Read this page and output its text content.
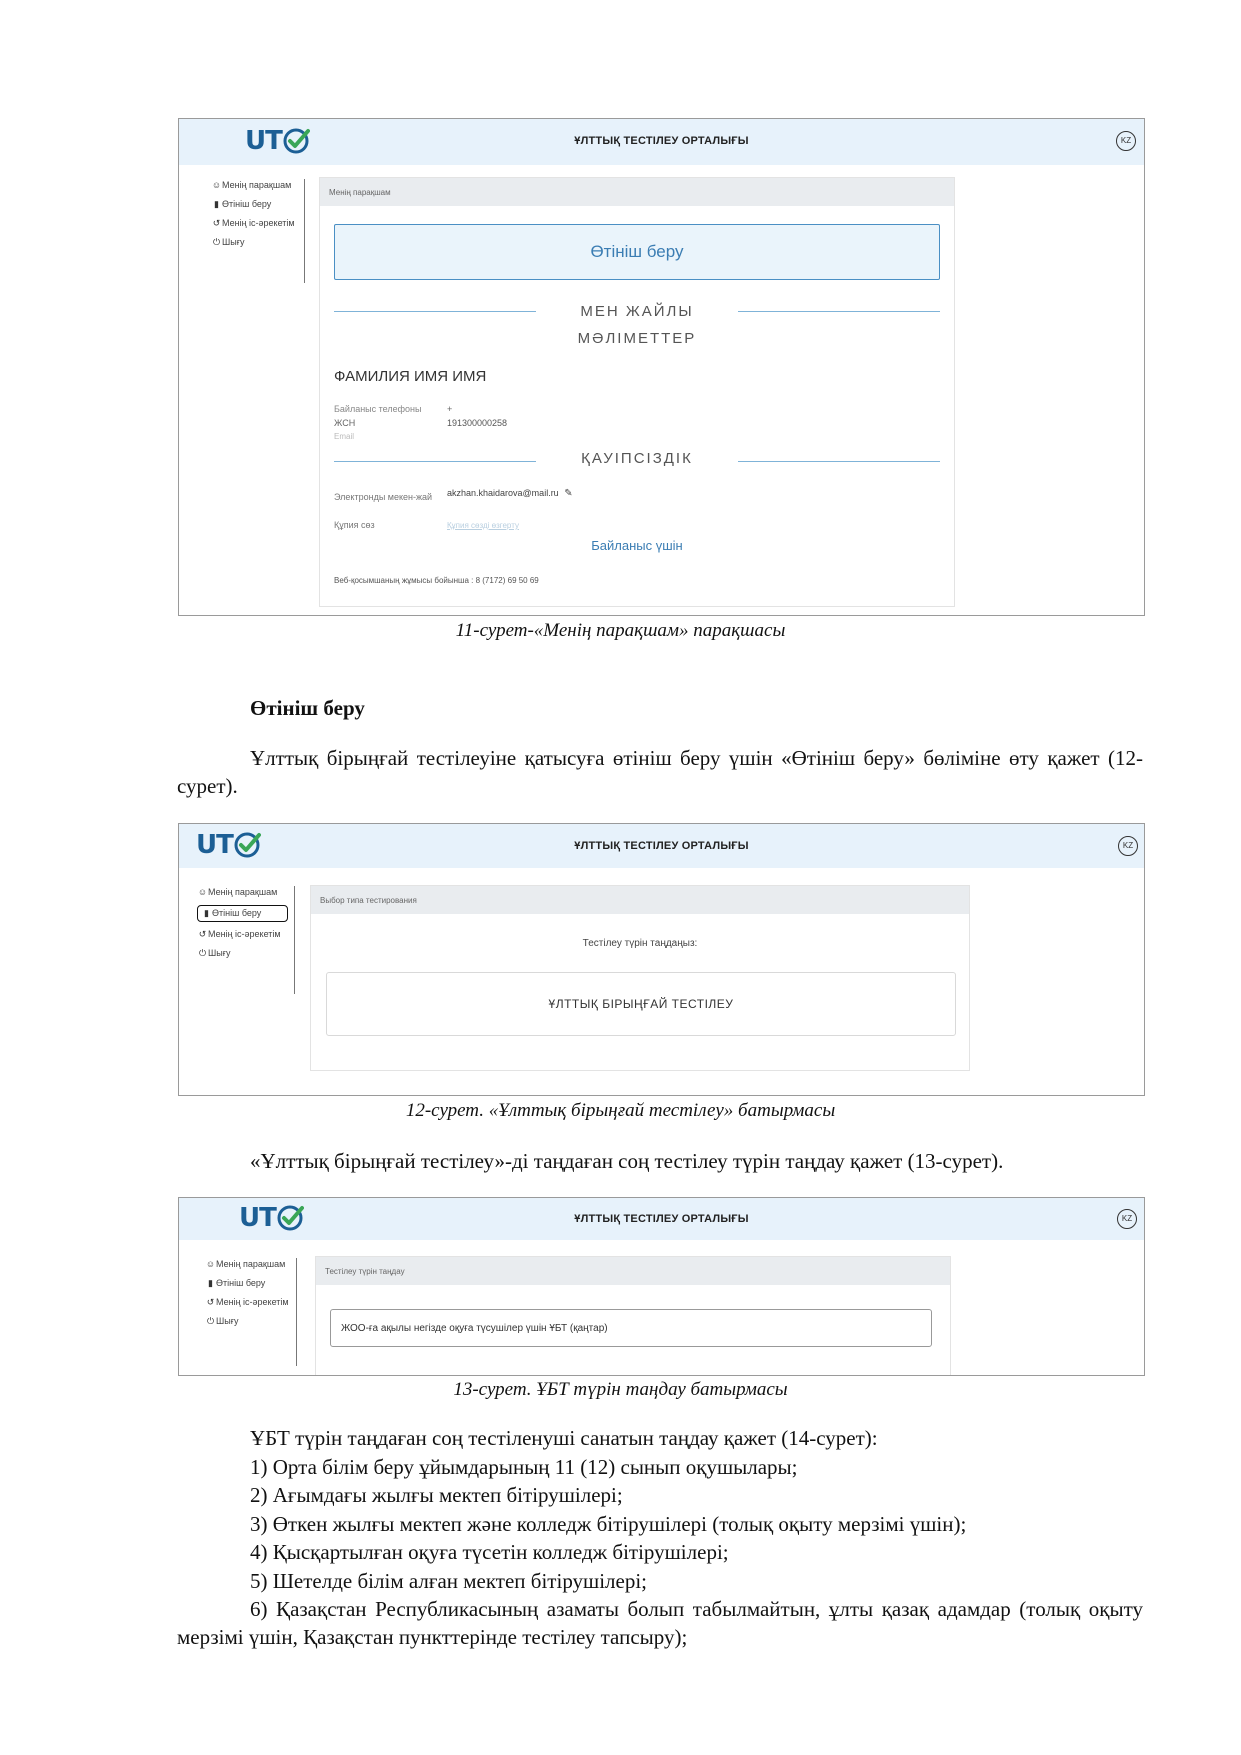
UT	ҰЛТТЫҚ ТЕСТІЛЕУ ОРТАЛЫҒЫ	KZ
☺ Менің парақшам
▮ Өтініш беру
↺ Менің іс-әрекетім
⏻ Шығу
Менің парақшам
Өтініш беру
МЕН ЖАЙЛЫ МӘЛІМЕТТЕР
ФАМИЛИЯ ИМЯ ИМЯ
Байланыс телефоны	+
ЖСН	191300000258
Email
ҚАУІПСІЗДІК
Электронды мекен-жай akzhan.khaidarova@mail.ru ✎
Құпия сөз	Құпия сөзді өзгерту
Байланыс үшін
Веб-қосымшаның жұмысы бойынша : 8 (7172) 69 50 69
11-сурет-«Менің парақшам» парақшасы

Өтініш беру

Ұлттық бірыңғай тестілеуіне қатысуға өтініш беру үшін «Өтініш беру» бөліміне өту қажет (12-сурет).

UT	ҰЛТТЫҚ ТЕСТІЛЕУ ОРТАЛЫҒЫ	KZ
☺ Менің парақшам
▮ Өтініш беру
↺ Менің іс-әрекетім
⏻ Шығу
Выбор типа тестирования
Тестілеу түрін таңдаңыз:
ҰЛТТЫҚ БІРЫҢҒАЙ ТЕСТІЛЕУ
12-сурет. «Ұлттық бірыңғай тестілеу» батырмасы

«Ұлттық бірыңғай тестілеу»-ді таңдаған соң тестілеу түрін таңдау қажет (13-сурет).

UT	ҰЛТТЫҚ ТЕСТІЛЕУ ОРТАЛЫҒЫ	KZ
☺ Менің парақшам
▮ Өтініш беру
↺ Менің іс-әрекетім
⏻ Шығу
Тестілеу түрін таңдау
ЖОО-ға ақылы негізде оқуға түсушілер үшін ҰБТ (қаңтар)
13-сурет. ҰБТ түрін таңдау батырмасы

ҰБТ түрін таңдаған соң тестіленуші санатын таңдау қажет (14-сурет):

1) Орта білім беру ұйымдарының 11 (12) сынып оқушылары;

2) Ағымдағы жылғы мектеп бітірушілері;

3) Өткен жылғы мектеп және колледж бітірушілері (толық оқыту мерзімі үшін);

4) Қысқартылған оқуға түсетін колледж бітірушілері;

5) Шетелде білім алған мектеп бітірушілері;

6) Қазақстан Республикасының азаматы болып табылмайтын, ұлты қазақ адамдар (толық оқыту мерзімі үшін, Қазақстан пункттерінде тестілеу тапсыру);
